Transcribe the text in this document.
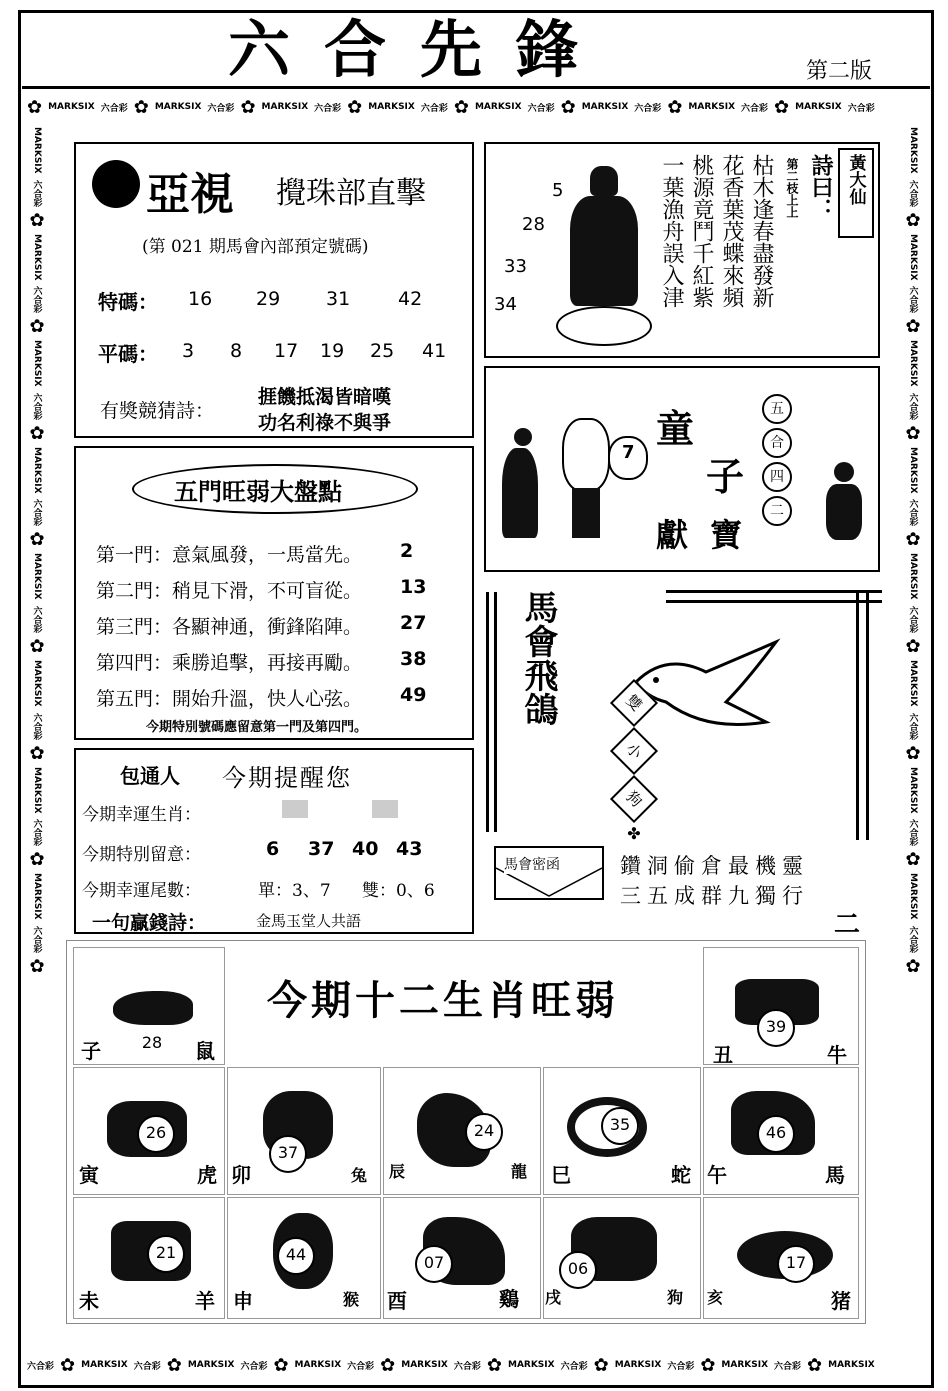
六合先鋒	第二版
✿ MARKSIX 六合彩 ✿ MARKSIX 六合彩 ✿ MARKSIX 六合彩 ✿ MARKSIX 六合彩 ✿ MARKSIX 六合彩 ✿ MARKSIX 六合彩 ✿ MARKSIX 六合彩 ✿ MARKSIX 六合彩
六合彩 ✿ MARKSIX 六合彩 ✿ MARKSIX 六合彩 ✿ MARKSIX 六合彩 ✿ MARKSIX 六合彩 ✿ MARKSIX 六合彩 ✿ MARKSIX 六合彩 ✿ MARKSIX 六合彩 ✿ MARKSIX
MARKSIX
六合彩
✿
MARKSIX
六合彩
✿
MARKSIX
六合彩
✿
MARKSIX
六合彩
✿
MARKSIX
六合彩
✿
MARKSIX
六合彩
✿
MARKSIX
六合彩
✿
MARKSIX
六合彩
✿
MARKSIX
六合彩
✿
MARKSIX
六合彩
✿
MARKSIX
六合彩
✿
MARKSIX
六合彩
✿
MARKSIX
六合彩
✿
MARKSIX
六合彩
✿
MARKSIX
六合彩
✿
MARKSIX
六合彩
✿
亞視 攪珠部直擊
(第 021 期馬會內部預定號碼)
特碼： 16 29 31	42
平碼： 3 8 17 19 25 41
有獎競猜詩：
捱饑抵渴皆暗嘆
功名利祿不與爭
黃大仙
詩曰：
第二枝上上
枯木逢春盡發新
花香葉茂蝶來頻
桃源竟鬥千紅紫
一葉漁舟誤入津
5
28
33
34
7
童
子
獻 寶
五
合
四
二
五門旺弱大盤點
第一門：意氣風發，一馬當先。 2
第二門：稍見下滑，不可盲從。 13
第三門：各顯神通，衝鋒陷陣。 27
第四門：乘勝追擊，再接再勵。 38
第五門：開始升溫，快人心弦。 49
今期特別號碼應留意第一門及第四門。
馬會飛鴿	雙
小
狗
✤
包通人 今期提醒您
今期幸運生肖：
今期特別留意：	6 37 40 43
今期幸運尾數：	單：3、7 雙：0、6
一句贏錢詩：	金馬玉堂人共語
馬會密函	鑽洞偷倉最機靈
三五成群九獨行
二
今期十二生肖旺弱
28
子	鼠
39
丑	牛
26
寅	虎
37
卯	兔
24
辰	龍
35
巳	蛇
46
午	馬
21
未	羊
44
申	猴
07
酉	鷄
06
戌	狗
17
亥	猪
